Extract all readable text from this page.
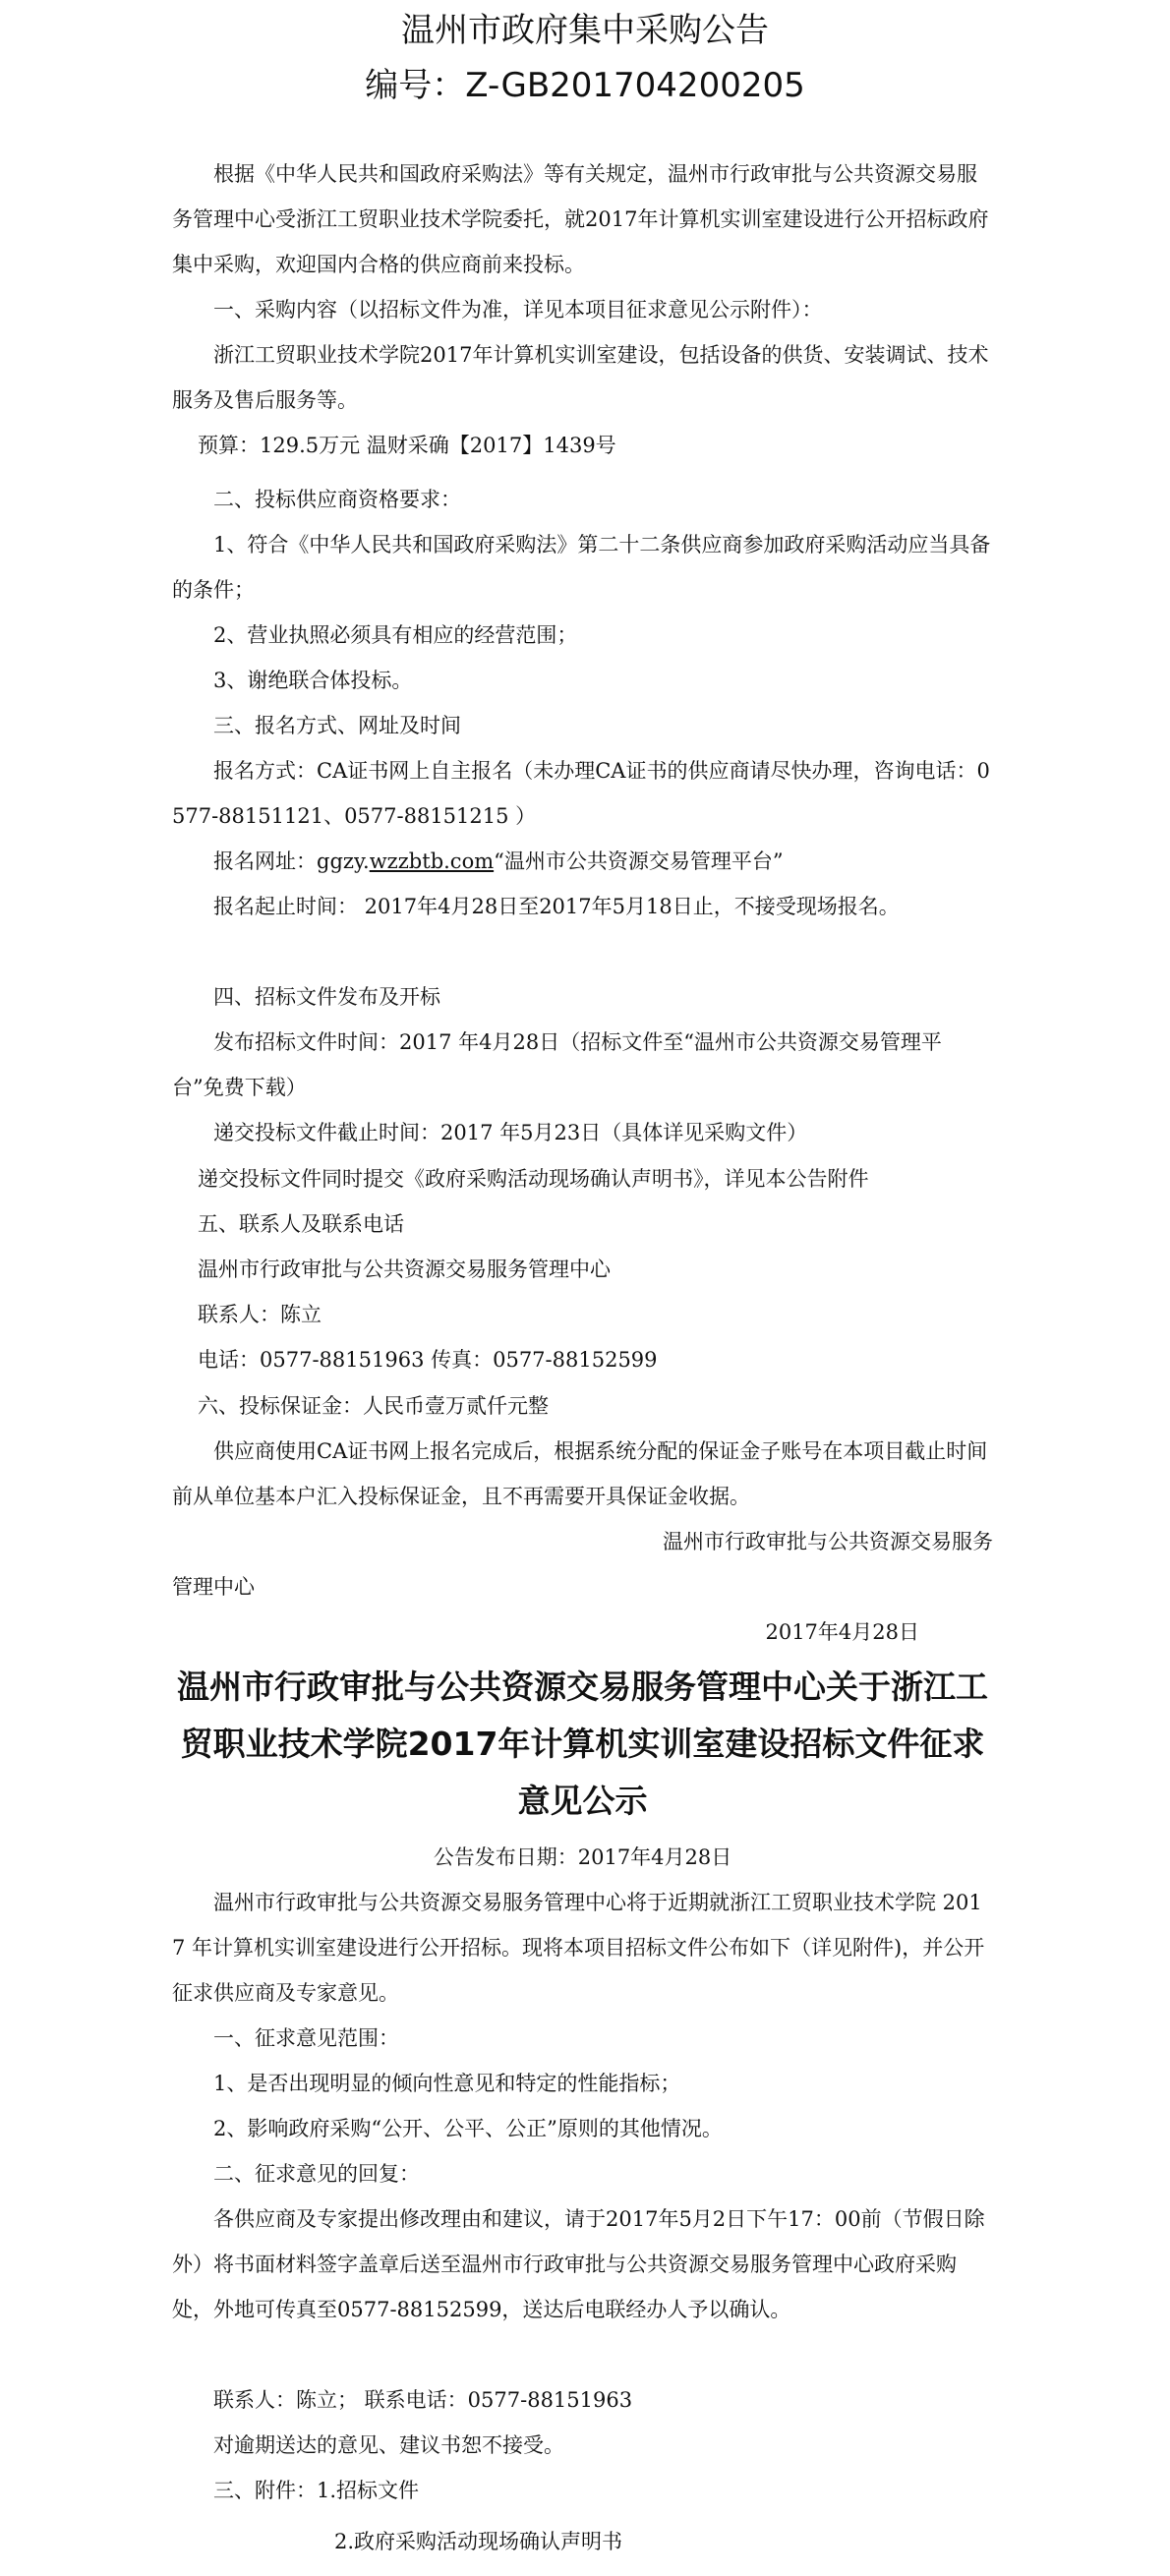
温州市政府集中采购公告
编号：Z-GB201704200205
根据《中华人民共和国政府采购法》等有关规定，温州市行政审批与公共资源交易服务管理中心受浙江工贸职业技术学院委托，就2017年计算机实训室建设进行公开招标政府集中采购，欢迎国内合格的供应商前来投标。
一、采购内容（以招标文件为准，详见本项目征求意见公示附件）：
浙江工贸职业技术学院2017年计算机实训室建设，包括设备的供货、安装调试、技术服务及售后服务等。
预算：129.5万元 温财采确【2017】1439号
二、投标供应商资格要求：
1、符合《中华人民共和国政府采购法》第二十二条供应商参加政府采购活动应当具备的条件；
2、营业执照必须具有相应的经营范围；
3、谢绝联合体投标。
三、报名方式、网址及时间
报名方式：CA证书网上自主报名（未办理CA证书的供应商请尽快办理，咨询电话：0577-88151121、0577-88151215 ）
报名网址：ggzy.wzzbtb.com“温州市公共资源交易管理平台”
报名起止时间： 2017年4月28日至2017年5月18日止，不接受现场报名。
四、招标文件发布及开标
发布招标文件时间：2017 年4月28日（招标文件至“温州市公共资源交易管理平台”免费下载）
递交投标文件截止时间：2017 年5月23日（具体详见采购文件）
递交投标文件同时提交《政府采购活动现场确认声明书》，详见本公告附件
五、联系人及联系电话
温州市行政审批与公共资源交易服务管理中心
联系人：陈立
电话：0577-88151963 传真：0577-88152599
六、投标保证金：人民币壹万贰仟元整
供应商使用CA证书网上报名完成后，根据系统分配的保证金子账号在本项目截止时间前从单位基本户汇入投标保证金，且不再需要开具保证金收据。
温州市行政审批与公共资源交易服务
管理中心
2017年4月28日
温州市行政审批与公共资源交易服务管理中心关于浙江工贸职业技术学院2017年计算机实训室建设招标文件征求意见公示
公告发布日期：2017年4月28日
温州市行政审批与公共资源交易服务管理中心将于近期就浙江工贸职业技术学院 2017 年计算机实训室建设进行公开招标。现将本项目招标文件公布如下（详见附件)，并公开征求供应商及专家意见。
一、征求意见范围：
1、是否出现明显的倾向性意见和特定的性能指标；
2、影响政府采购“公开、公平、公正”原则的其他情况。
二、征求意见的回复：
各供应商及专家提出修改理由和建议，请于2017年5月2日下午17：00前（节假日除外）将书面材料签字盖章后送至温州市行政审批与公共资源交易服务管理中心政府采购处，外地可传真至0577-88152599，送达后电联经办人予以确认。
联系人：陈立； 联系电话：0577-88151963
对逾期送达的意见、建议书恕不接受。
三、附件：1.招标文件
2.政府采购活动现场确认声明书
